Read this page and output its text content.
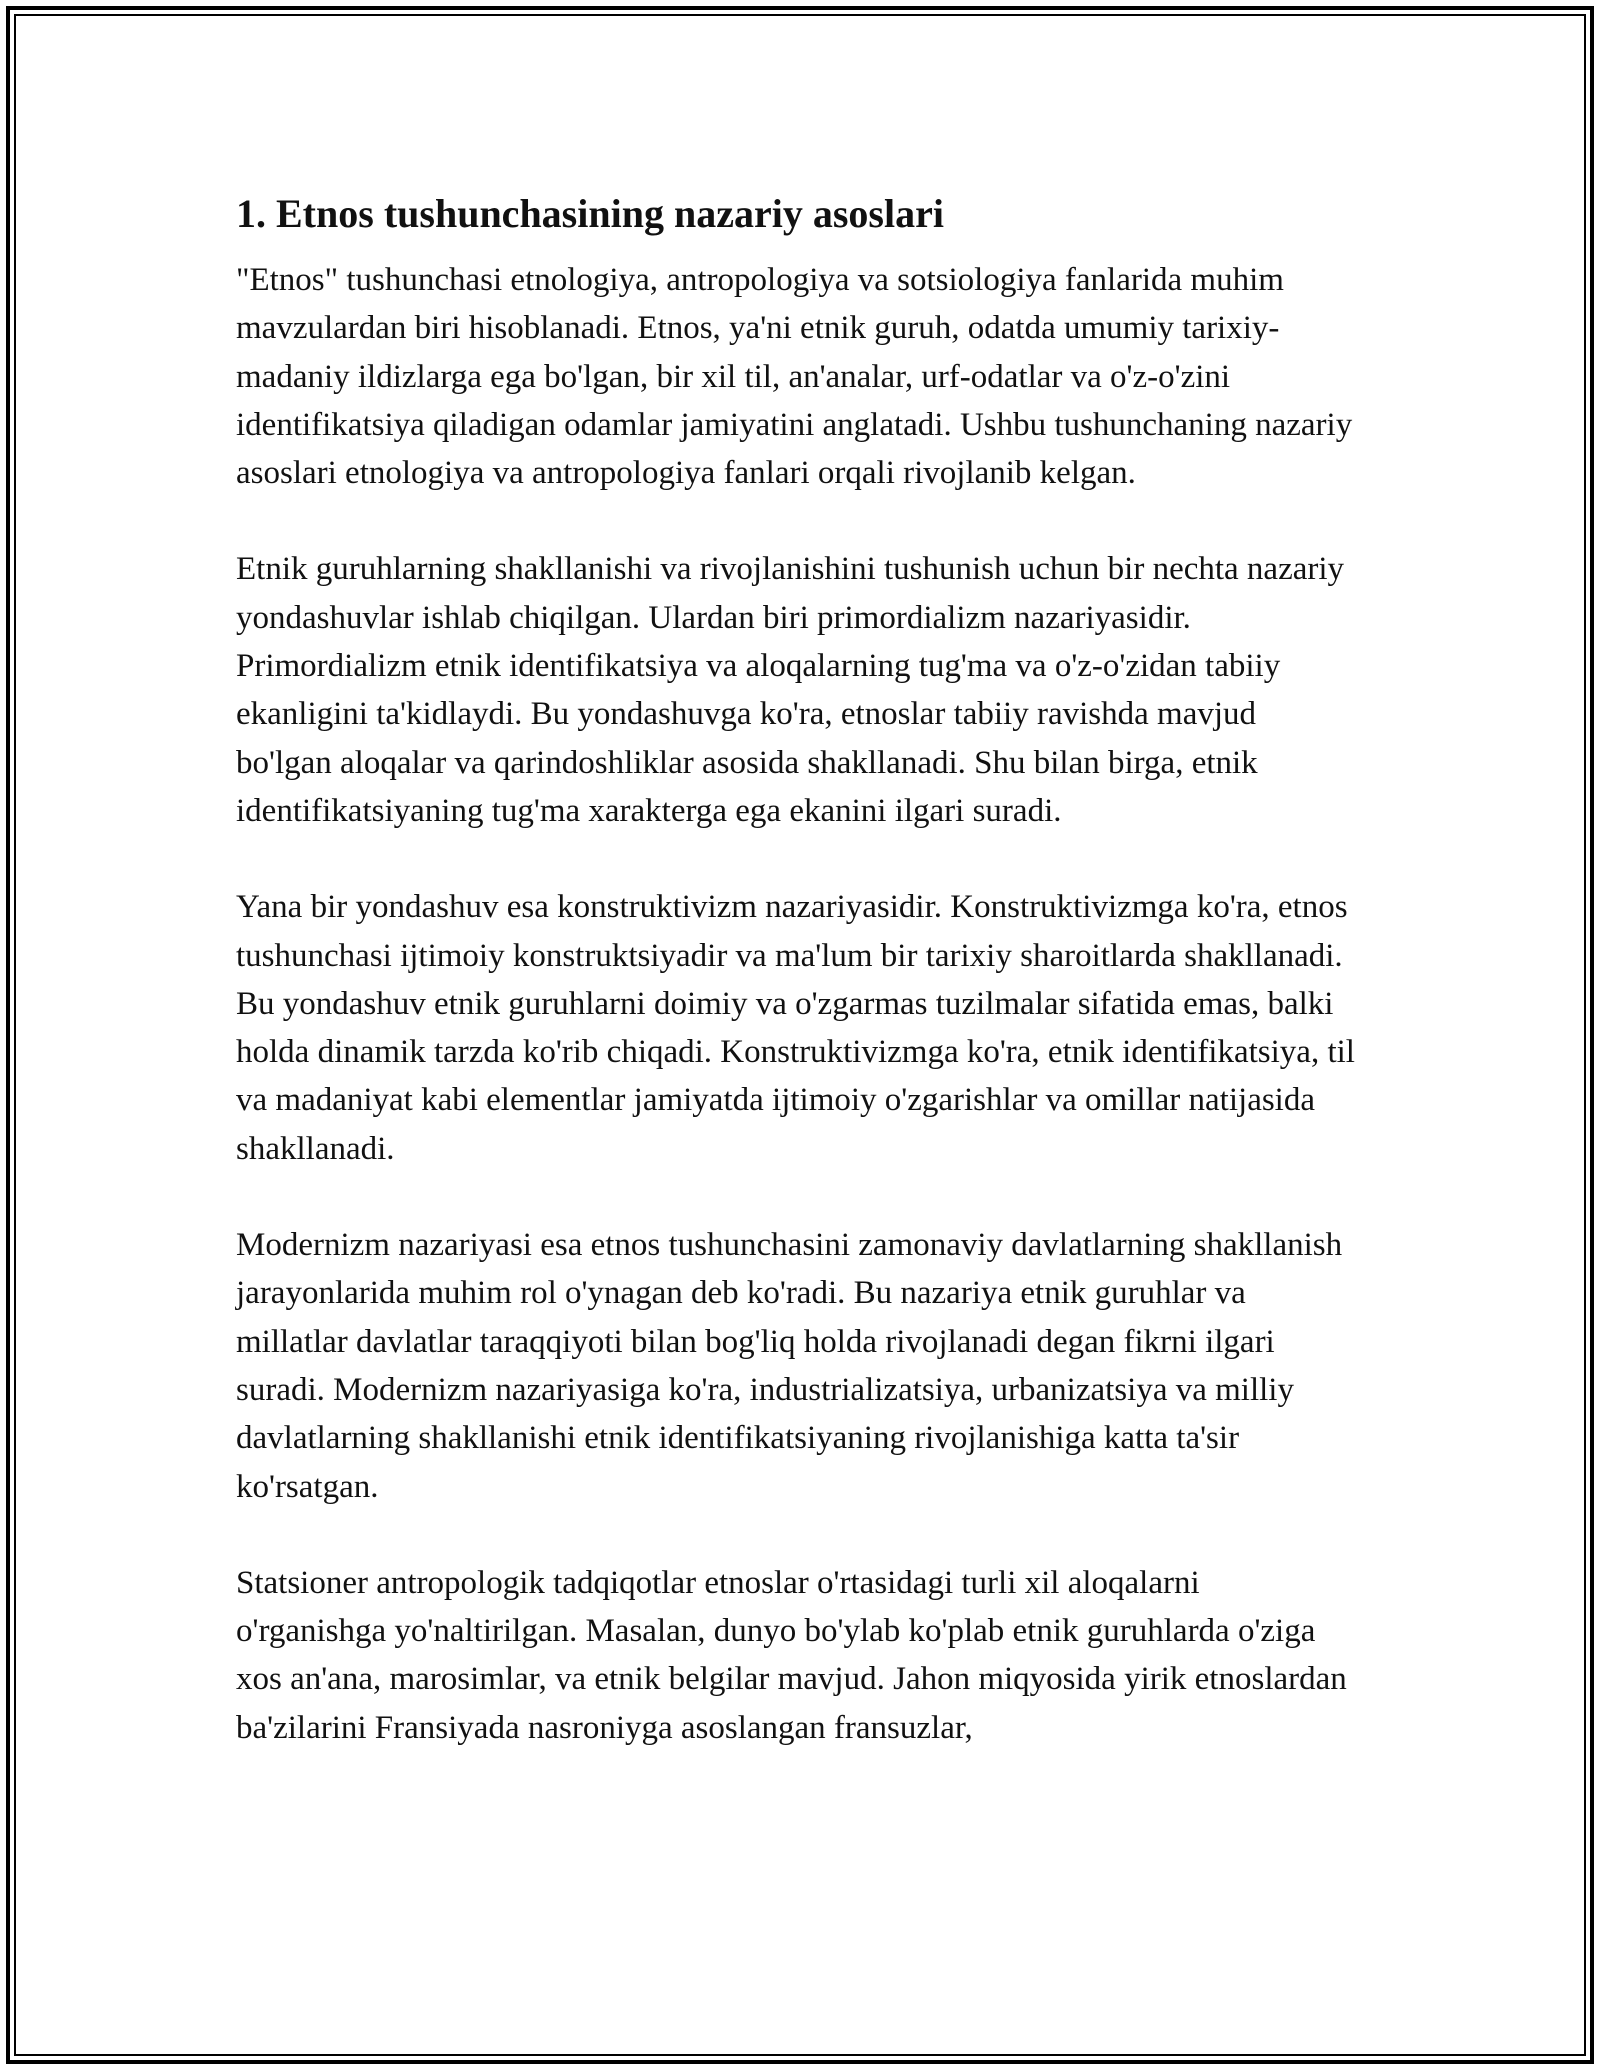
1. Etnos tushunchasining nazariy asoslari

"Etnos" tushunchasi etnologiya, antropologiya va sotsiologiya fanlarida muhim mavzulardan biri hisoblanadi. Etnos, ya'ni etnik guruh, odatda umumiy tarixiy-madaniy ildizlarga ega bo'lgan, bir xil til, an'analar, urf-odatlar va o'z-o'zini identifikatsiya qiladigan odamlar jamiyatini anglatadi. Ushbu tushunchaning nazariy asoslari etnologiya va antropologiya fanlari orqali rivojlanib kelgan.

Etnik guruhlarning shakllanishi va rivojlanishini tushunish uchun bir nechta nazariy yondashuvlar ishlab chiqilgan. Ulardan biri primordializm nazariyasidir. Primordializm etnik identifikatsiya va aloqalarning tug'ma va o'z-o'zidan tabiiy ekanligini ta'kidlaydi. Bu yondashuvga ko'ra, etnoslar tabiiy ravishda mavjud bo'lgan aloqalar va qarindoshliklar asosida shakllanadi. Shu bilan birga, etnik identifikatsiyaning tug'ma xarakterga ega ekanini ilgari suradi.

Yana bir yondashuv esa konstruktivizm nazariyasidir. Konstruktivizmga ko'ra, etnos tushunchasi ijtimoiy konstruktsiyadir va ma'lum bir tarixiy sharoitlarda shakllanadi. Bu yondashuv etnik guruhlarni doimiy va o'zgarmas tuzilmalar sifatida emas, balki holda dinamik tarzda ko'rib chiqadi. Konstruktivizmga ko'ra, etnik identifikatsiya, til va madaniyat kabi elementlar jamiyatda ijtimoiy o'zgarishlar va omillar natijasida shakllanadi.

Modernizm nazariyasi esa etnos tushunchasini zamonaviy davlatlarning shakllanish jarayonlarida muhim rol o'ynagan deb ko'radi. Bu nazariya etnik guruhlar va millatlar davlatlar taraqqiyoti bilan bog'liq holda rivojlanadi degan fikrni ilgari suradi. Modernizm nazariyasiga ko'ra, industrializatsiya, urbanizatsiya va milliy davlatlarning shakllanishi etnik identifikatsiyaning rivojlanishiga katta ta'sir ko'rsatgan.

Statsioner antropologik tadqiqotlar etnoslar o'rtasidagi turli xil aloqalarni o'rganishga yo'naltirilgan. Masalan, dunyo bo'ylab ko'plab etnik guruhlarda o'ziga xos an'ana, marosimlar, va etnik belgilar mavjud. Jahon miqyosida yirik etnoslardan ba'zilarini Fransiyada nasroniyga asoslangan fransuzlar,
